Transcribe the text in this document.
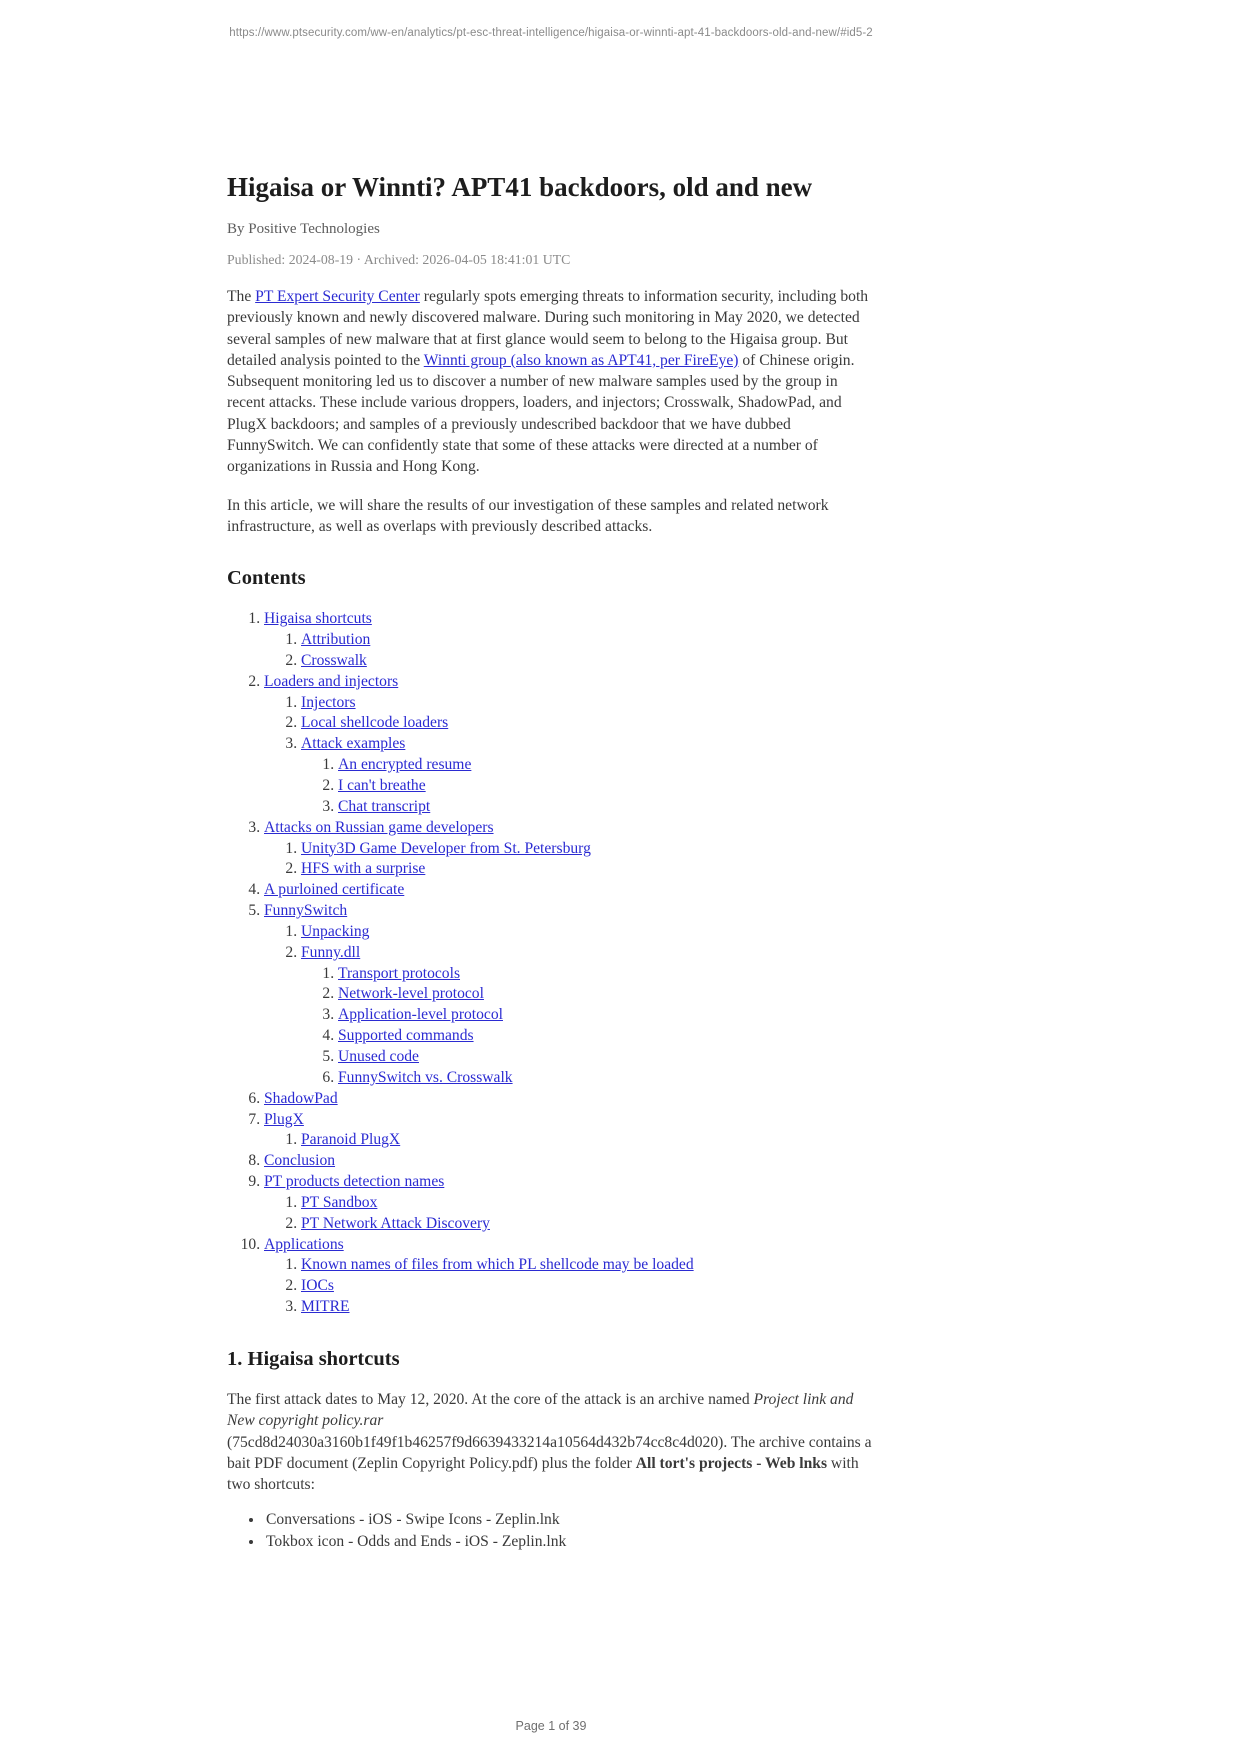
https://www.ptsecurity.com/ww-en/analytics/pt-esc-threat-intelligence/higaisa-or-winnti-apt-41-backdoors-old-and-new/#id5-2
Higaisa or Winnti? APT41 backdoors, old and new
By Positive Technologies
Published: 2024-08-19 · Archived: 2026-04-05 18:41:01 UTC

The PT Expert Security Center regularly spots emerging threats to information security, including both previously known and newly discovered malware. During such monitoring in May 2020, we detected several samples of new malware that at first glance would seem to belong to the Higaisa group. But detailed analysis pointed to the Winnti group (also known as APT41, per FireEye) of Chinese origin. Subsequent monitoring led us to discover a number of new malware samples used by the group in recent attacks. These include various droppers, loaders, and injectors; Crosswalk, ShadowPad, and PlugX backdoors; and samples of a previously undescribed backdoor that we have dubbed FunnySwitch. We can confidently state that some of these attacks were directed at a number of organizations in Russia and Hong Kong.

In this article, we will share the results of our investigation of these samples and related network infrastructure, as well as overlaps with previously described attacks.

Contents
1. Higaisa shortcuts
1. Attribution
2. Crosswalk
2. Loaders and injectors
1. Injectors
2. Local shellcode loaders
3. Attack examples
1. An encrypted resume
2. I can't breathe
3. Chat transcript
3. Attacks on Russian game developers
1. Unity3D Game Developer from St. Petersburg
2. HFS with a surprise
4. A purloined certificate
5. FunnySwitch
1. Unpacking
2. Funny.dll
1. Transport protocols
2. Network-level protocol
3. Application-level protocol
4. Supported commands
5. Unused code
6. FunnySwitch vs. Crosswalk
6. ShadowPad
7. PlugX
1. Paranoid PlugX
8. Conclusion
9. PT products detection names
1. PT Sandbox
2. PT Network Attack Discovery
10. Applications
1. Known names of files from which PL shellcode may be loaded
2. IOCs
3. MITRE
1. Higaisa shortcuts

The first attack dates to May 12, 2020. At the core of the attack is an archive named Project link and New copyright policy.rar (75cd8d24030a3160b1f49f1b46257f9d6639433214a10564d432b74cc8c4d020). The archive contains a bait PDF document (Zeplin Copyright Policy.pdf) plus the folder All tort's projects - Web lnks with two shortcuts:

• Conversations - iOS - Swipe Icons - Zeplin.lnk
• Tokbox icon - Odds and Ends - iOS - Zeplin.lnk
Page 1 of 39
